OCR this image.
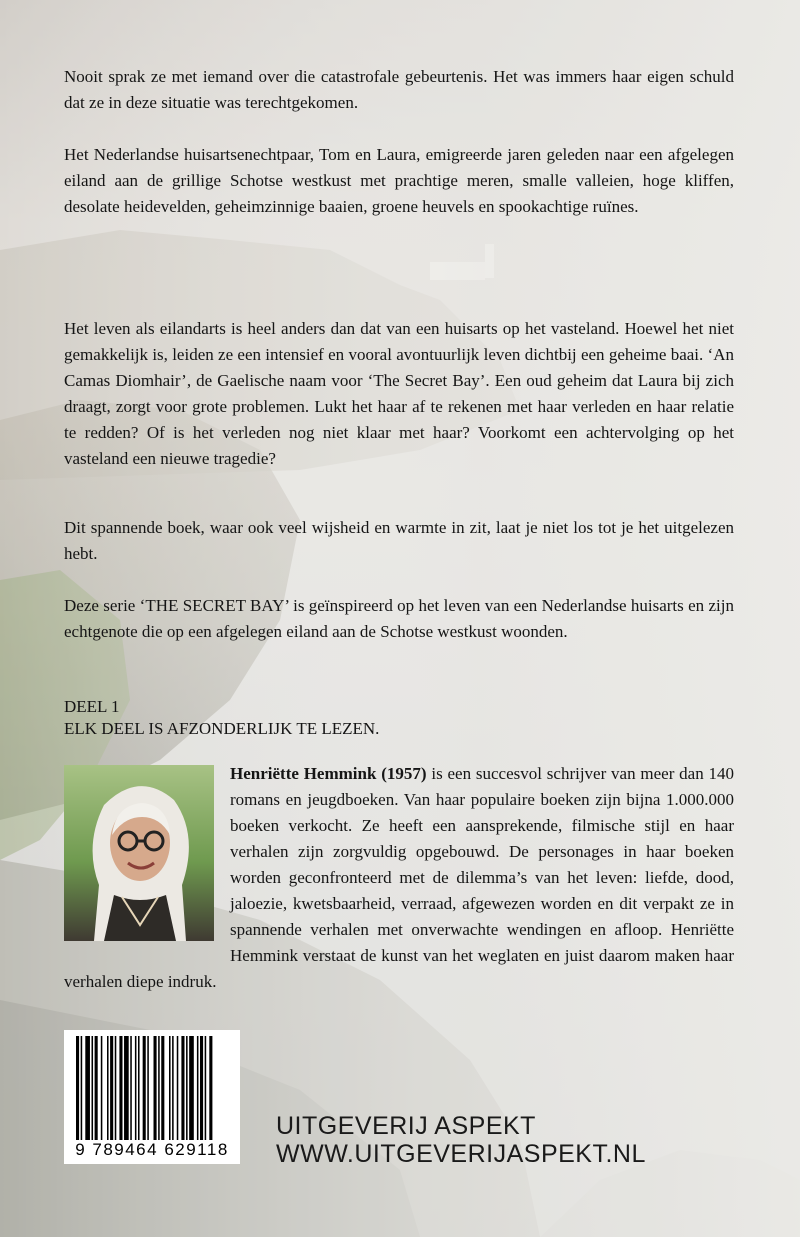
Nooit sprak ze met iemand over die catastrofale gebeurtenis. Het was immers haar eigen schuld dat ze in deze situatie was terechtgekomen.

Het Nederlandse huisartsenechtpaar, Tom en Laura, emigreerde jaren geleden naar een afgelegen eiland aan de grillige Schotse westkust met prachtige meren, smalle valleien, hoge kliffen, desolate heidevelden, geheimzinnige baaien, groene heuvels en spookachtige ruïnes.

Het leven als eilandarts is heel anders dan dat van een huisarts op het vasteland. Hoewel het niet gemakkelijk is, leiden ze een intensief en vooral avontuurlijk leven dichtbij een geheime baai. ‘An Camas Diomhair’, de Gaelische naam voor ‘The Secret Bay’. Een oud geheim dat Laura bij zich draagt, zorgt voor grote problemen. Lukt het haar af te rekenen met haar verleden en haar relatie te redden? Of is het verleden nog niet klaar met haar? Voorkomt een achtervolging op het vasteland een nieuwe tragedie?

Dit spannende boek, waar ook veel wijsheid en warmte in zit, laat je niet los tot je het uitgelezen hebt.

Deze serie ‘THE SECRET BAY’ is geïnspireerd op het leven van een Nederlandse huisarts en zijn echtgenote die op een afgelegen eiland aan de Schotse westkust woonden.

DEEL 1
ELK DEEL IS AFZONDERLIJK TE LEZEN.
Henriëtte Hemmink (1957) is een succesvol schrijver van meer dan 140 romans en jeugdboeken. Van haar populaire boeken zijn bijna 1.000.000 boeken verkocht. Ze heeft een aansprekende, filmische stijl en haar verhalen zijn zorgvuldig opgebouwd. De personages in haar boeken worden geconfronteerd met de dilemma’s van het leven: liefde, dood, jaloezie, kwetsbaarheid, verraad, afgewezen worden en dit verpakt ze in spannende verhalen met onverwachte wendingen en afloop. Henriëtte Hemmink verstaat de kunst van het weglaten en juist daarom maken haar verhalen diepe indruk.
9 789464 629118
UITGEVERIJ ASPEKT
WWW.UITGEVERIJASPEKT.NL
